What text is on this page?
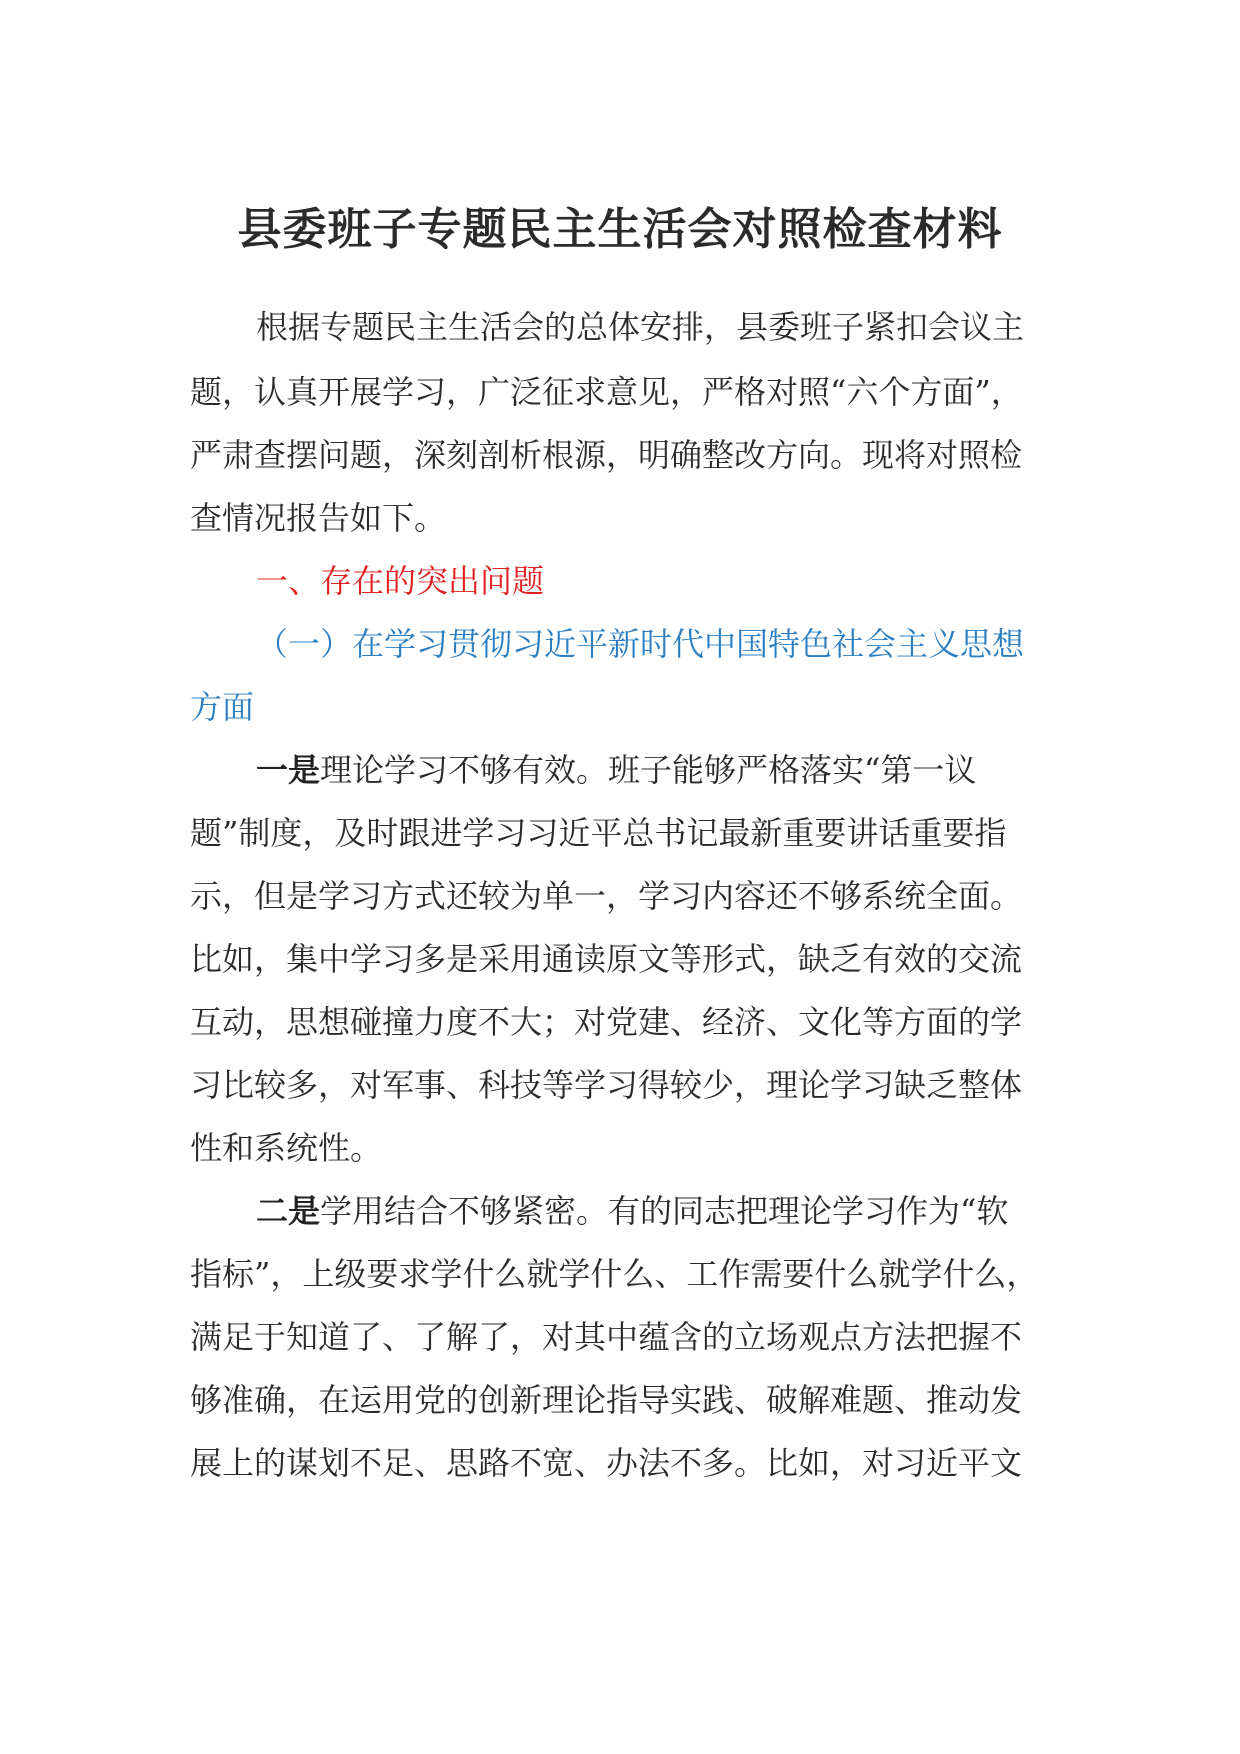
县委班子专题民主生活会对照检查材料
根据专题民主生活会的总体安排，县委班子紧扣会议主
题，认真开展学习，广泛征求意见，严格对照“六个方面”，
严肃查摆问题，深刻剖析根源，明确整改方向。现将对照检
查情况报告如下。
一、存在的突出问题
（一）在学习贯彻习近平新时代中国特色社会主义思想
方面
一是理论学习不够有效。班子能够严格落实“第一议
题”制度，及时跟进学习习近平总书记最新重要讲话重要指
示，但是学习方式还较为单一，学习内容还不够系统全面。
比如，集中学习多是采用通读原文等形式，缺乏有效的交流
互动，思想碰撞力度不大；对党建、经济、文化等方面的学
习比较多，对军事、科技等学习得较少，理论学习缺乏整体
性和系统性。
二是学用结合不够紧密。有的同志把理论学习作为“软
指标”，上级要求学什么就学什么、工作需要什么就学什么，
满足于知道了、了解了，对其中蕴含的立场观点方法把握不
够准确，在运用党的创新理论指导实践、破解难题、推动发
展上的谋划不足、思路不宽、办法不多。比如，对习近平文
